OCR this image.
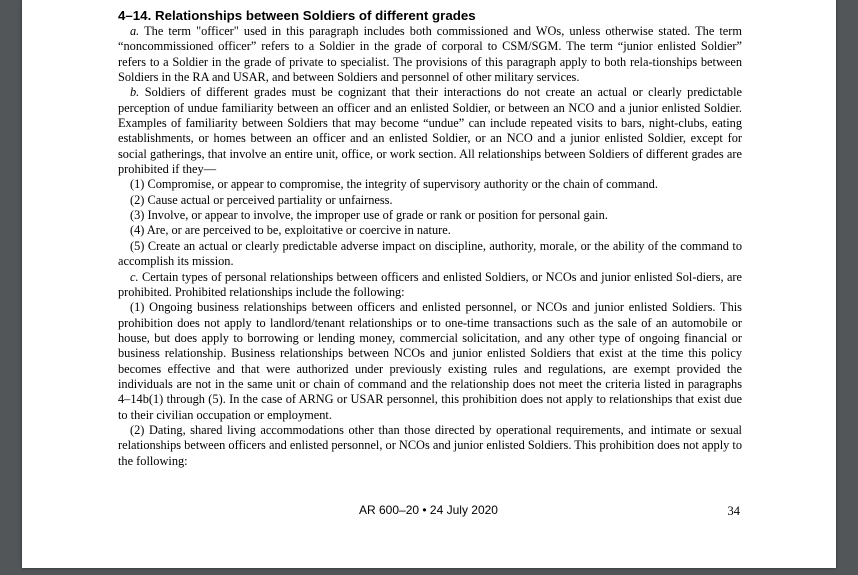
4–14. Relationships between Soldiers of different grades

a. The term "officer" used in this paragraph includes both commissioned and WOs, unless otherwise stated. The term “noncommissioned officer” refers to a Soldier in the grade of corporal to CSM/SGM. The term “junior enlisted Soldier” refers to a Soldier in the grade of private to specialist. The provisions of this paragraph apply to both rela-tionships between Soldiers in the RA and USAR, and between Soldiers and personnel of other military services.

b. Soldiers of different grades must be cognizant that their interactions do not create an actual or clearly predictable perception of undue familiarity between an officer and an enlisted Soldier, or between an NCO and a junior enlisted Soldier. Examples of familiarity between Soldiers that may become “undue” can include repeated visits to bars, night-clubs, eating establishments, or homes between an officer and an enlisted Soldier, or an NCO and a junior enlisted Soldier, except for social gatherings, that involve an entire unit, office, or work section. All relationships between Soldiers of different grades are prohibited if they—

(1) Compromise, or appear to compromise, the integrity of supervisory authority or the chain of command.

(2) Cause actual or perceived partiality or unfairness.

(3) Involve, or appear to involve, the improper use of grade or rank or position for personal gain.

(4) Are, or are perceived to be, exploitative or coercive in nature.

(5) Create an actual or clearly predictable adverse impact on discipline, authority, morale, or the ability of the command to accomplish its mission.

c. Certain types of personal relationships between officers and enlisted Soldiers, or NCOs and junior enlisted Sol-diers, are prohibited. Prohibited relationships include the following:

(1) Ongoing business relationships between officers and enlisted personnel, or NCOs and junior enlisted Soldiers. This prohibition does not apply to landlord/tenant relationships or to one-time transactions such as the sale of an automobile or house, but does apply to borrowing or lending money, commercial solicitation, and any other type of ongoing financial or business relationship. Business relationships between NCOs and junior enlisted Soldiers that exist at the time this policy becomes effective and that were authorized under previously existing rules and regulations, are exempt provided the individuals are not in the same unit or chain of command and the relationship does not meet the criteria listed in paragraphs 4–14b(1) through (5). In the case of ARNG or USAR personnel, this prohibition does not apply to relationships that exist due to their civilian occupation or employment.

(2) Dating, shared living accommodations other than those directed by operational requirements, and intimate or sexual relationships between officers and enlisted personnel, or NCOs and junior enlisted Soldiers. This prohibition does not apply to the following:

AR 600–20 • 24 July 2020	34
